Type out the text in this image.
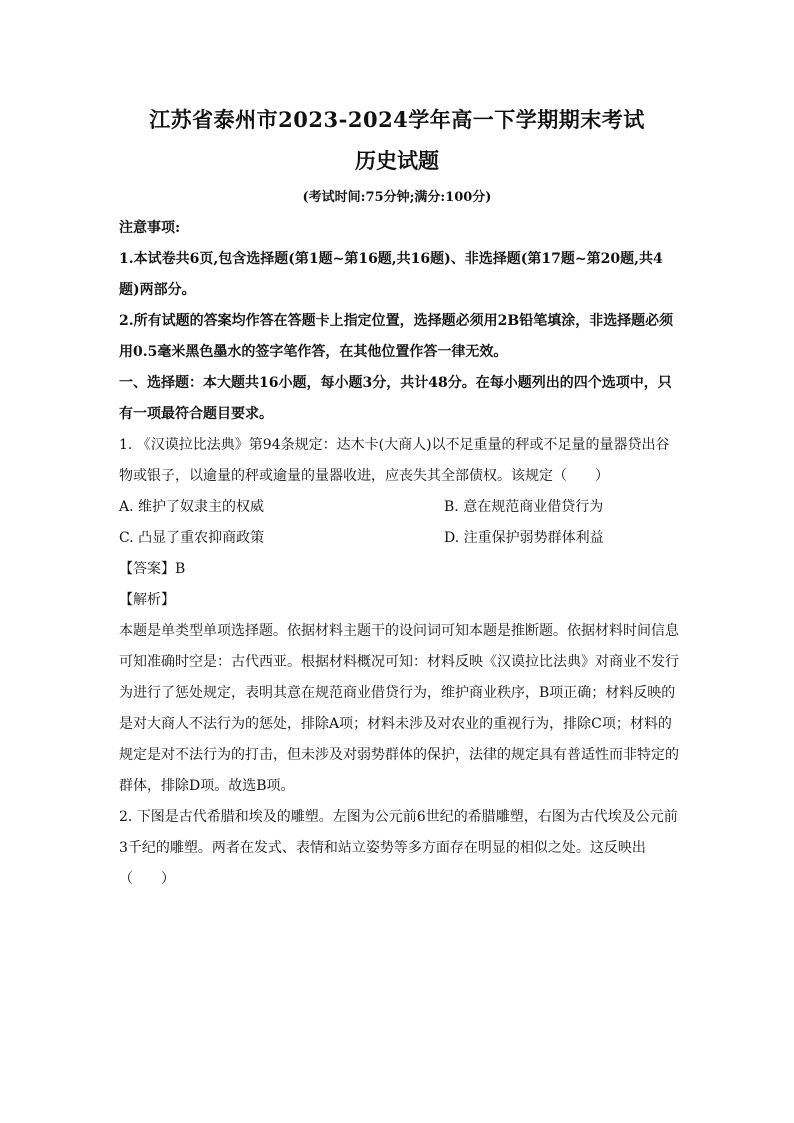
江苏省泰州市2023-2024学年高一下学期期末考试
历史试题
(考试时间:75分钟;满分:100分)
注意事项:
1.本试卷共6页,包含选择题(第1题~第16题,共16题)、非选择题(第17题~第20题,共4题)两部分。
2.所有试题的答案均作答在答题卡上指定位置，选择题必须用2B铅笔填涂，非选择题必须用0.5毫米黑色墨水的签字笔作答，在其他位置作答一律无效。
一、选择题：本大题共16小题，每小题3分，共计48分。在每小题列出的四个选项中，只有一项最符合题目要求。
1. 《汉谟拉比法典》第94条规定：达木卡(大商人)以不足重量的秤或不足量的量器贷出谷物或银子，以逾量的秤或逾量的量器收进，应丧失其全部债权。该规定（　　）
A. 维护了奴隶主的权威	B. 意在规范商业借贷行为
C. 凸显了重农抑商政策	D. 注重保护弱势群体利益
【答案】B
【解析】
本题是单类型单项选择题。依据材料主题干的设问词可知本题是推断题。依据材料时间信息可知准确时空是：古代西亚。根据材料概况可知：材料反映《汉谟拉比法典》对商业不发行为进行了惩处规定，表明其意在规范商业借贷行为，维护商业秩序，B项正确；材料反映的是对大商人不法行为的惩处，排除A项；材料未涉及对农业的重视行为，排除C项；材料的规定是对不法行为的打击，但未涉及对弱势群体的保护，法律的规定具有普适性而非特定的群体，排除D项。故选B项。
2. 下图是古代希腊和埃及的雕塑。左图为公元前6世纪的希腊雕塑，右图为古代埃及公元前3千纪的雕塑。两者在发式、表情和站立姿势等多方面存在明显的相似之处。这反映出（　　）
